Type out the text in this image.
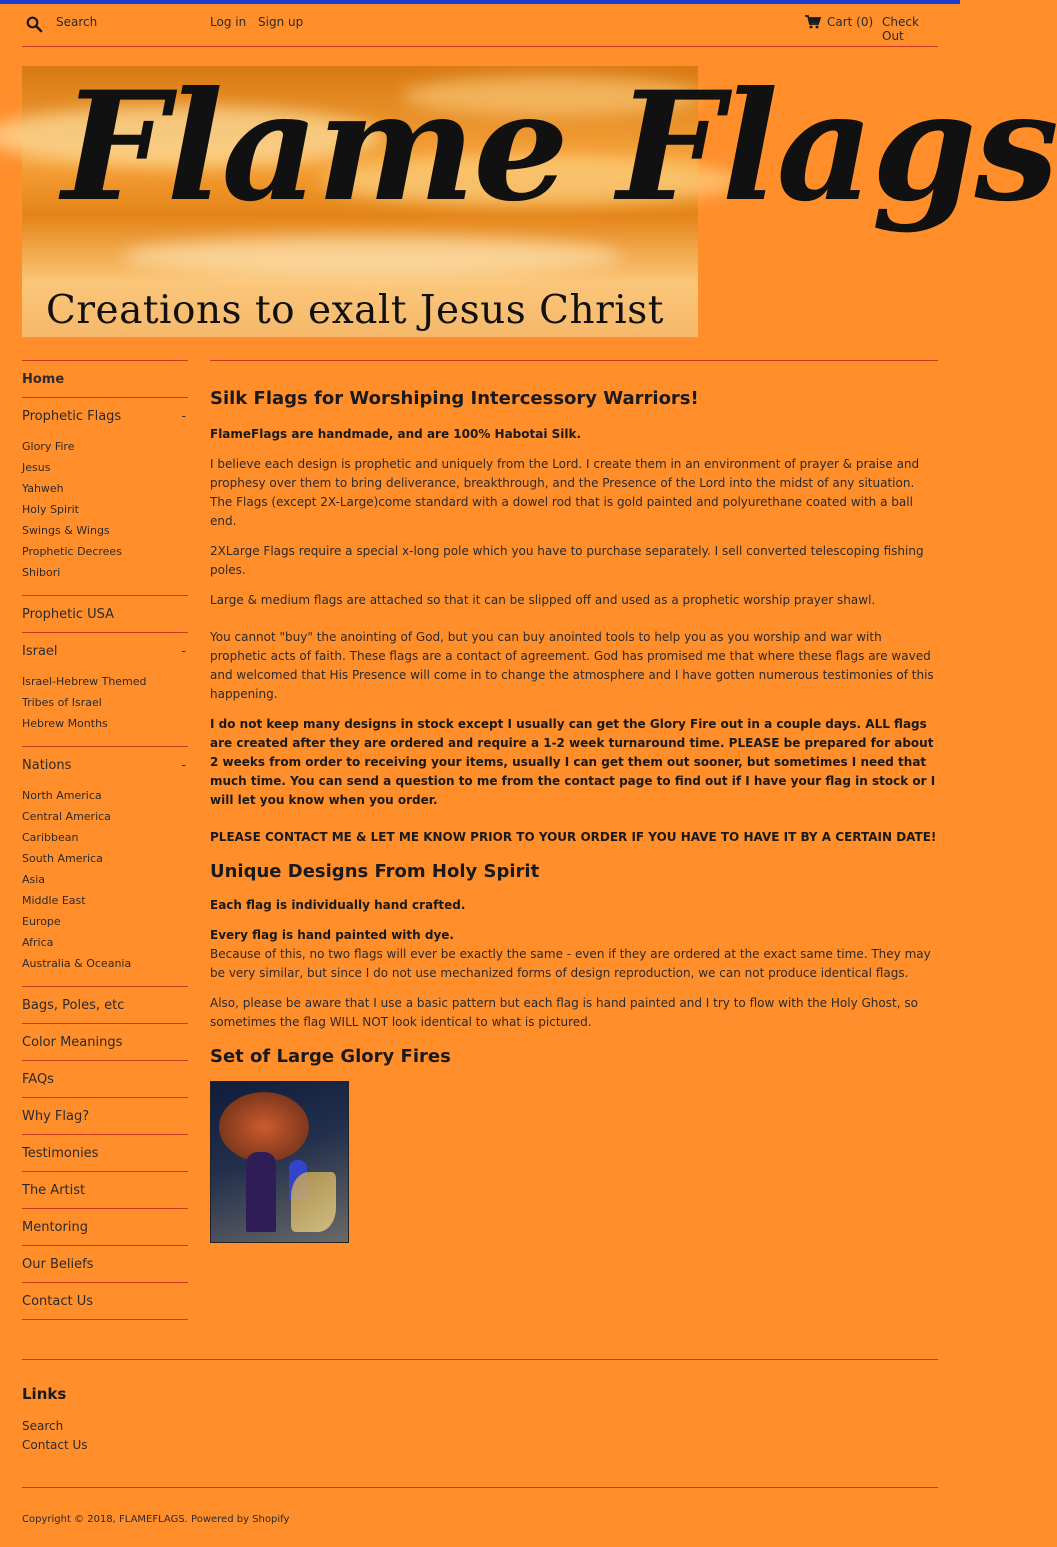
Search
Log in Sign up	Cart (0) Check Out
Flame Flags
Creations to exalt Jesus Christ
Home
Prophetic Flags	-
Glory Fire
Jesus
Yahweh
Holy Spirit
Swings & Wings
Prophetic Decrees
Shibori
Prophetic USA
Israel	-
Israel-Hebrew Themed
Tribes of Israel
Hebrew Months
Nations	-
North America
Central America
Caribbean
South America
Asia
Middle East
Europe
Africa
Australia & Oceania
Bags, Poles, etc
Color Meanings
FAQs
Why Flag?
Testimonies
The Artist
Mentoring
Our Beliefs
Contact Us
Silk Flags for Worshiping Intercessory Warriors!

FlameFlags are handmade, and are 100% Habotai Silk.

I believe each design is prophetic and uniquely from the Lord. I create them in an environment of prayer & praise and prophesy over them to bring deliverance, breakthrough, and the Presence of the Lord into the midst of any situation. The Flags (except 2X-Large)come standard with a dowel rod that is gold painted and polyurethane coated with a ball end.

2XLarge Flags require a special x-long pole which you have to purchase separately. I sell converted telescoping fishing poles.

Large & medium flags are attached so that it can be slipped off and used as a prophetic worship prayer shawl.

You cannot "buy" the anointing of God, but you can buy anointed tools to help you as you worship and war with prophetic acts of faith. These flags are a contact of agreement. God has promised me that where these flags are waved and welcomed that His Presence will come in to change the atmosphere and I have gotten numerous testimonies of this happening.

I do not keep many designs in stock except I usually can get the Glory Fire out in a couple days. ALL flags are created after they are ordered and require a 1-2 week turnaround time. PLEASE be prepared for about 2 weeks from order to receiving your items, usually I can get them out sooner, but sometimes I need that much time. You can send a question to me from the contact page to find out if I have your flag in stock or I will let you know when you order.

PLEASE CONTACT ME & LET ME KNOW PRIOR TO YOUR ORDER IF YOU HAVE TO HAVE IT BY A CERTAIN DATE!

Unique Designs From Holy Spirit

Each flag is individually hand crafted.

Every flag is hand painted with dye.

Because of this, no two flags will ever be exactly the same - even if they are ordered at the exact same time. They may be very similar, but since I do not use mechanized forms of design reproduction, we can not produce identical flags.

Also, please be aware that I use a basic pattern but each flag is hand painted and I try to flow with the Holy Ghost, so sometimes the flag WILL NOT look identical to what is pictured.

Set of Large Glory Fires
Links
Search
Contact Us
Copyright © 2018, FLAMEFLAGS. Powered by Shopify
